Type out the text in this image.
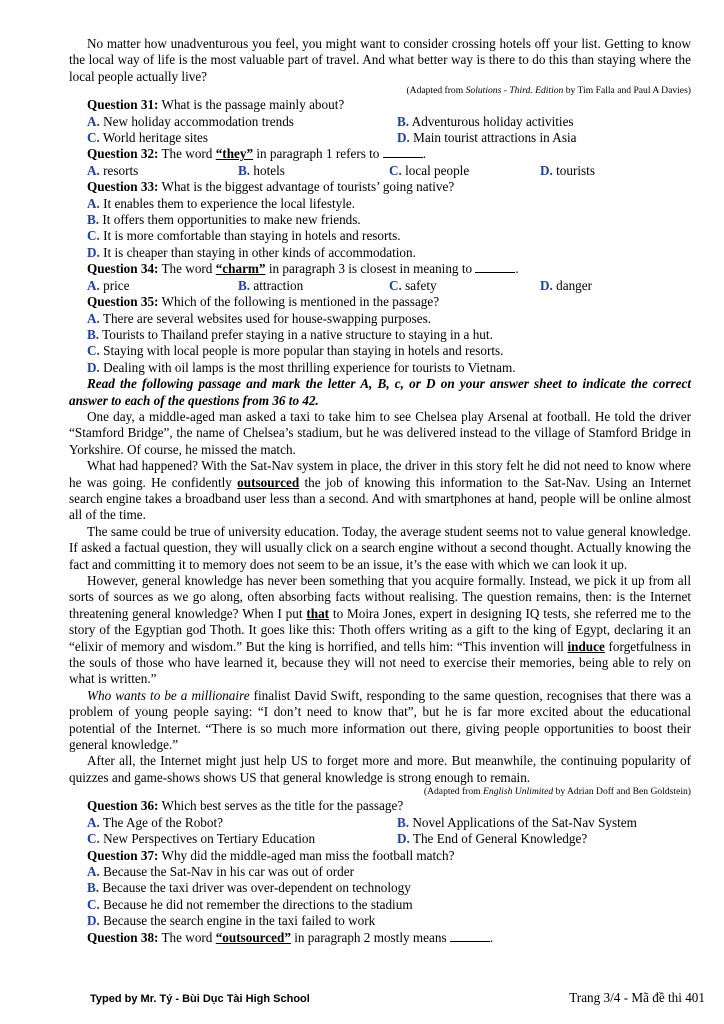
No matter how unadventurous you feel, you might want to consider crossing hotels off your list. Getting to know the local way of life is the most valuable part of travel. And what better way is there to do this than staying where the local people actually live?

(Adapted from Solutions - Third. Edition by Tim Falla and Paul A Davies)

Question 31: What is the passage mainly about?

A. New holiday accommodation trends	B. Adventurous holiday activities
C. World heritage sites	D. Main tourist attractions in Asia

Question 32: The word “they” in paragraph 1 refers to	.

A. resorts	B. hotels	C. local people	D. tourists

Question 33: What is the biggest advantage of tourists’ going native?

A. It enables them to experience the local lifestyle.
B. It offers them opportunities to make new friends.
C. It is more comfortable than staying in hotels and resorts.
D. It is cheaper than staying in other kinds of accommodation.

Question 34: The word “charm” in paragraph 3 is closest in meaning to	.

A. price	B. attraction	C. safety	D. danger

Question 35: Which of the following is mentioned in the passage?

A. There are several websites used for house-swapping purposes.
B. Tourists to Thailand prefer staying in a native structure to staying in a hut.
C. Staying with local people is more popular than staying in hotels and resorts.
D. Dealing with oil lamps is the most thrilling experience for tourists to Vietnam.

Read the following passage and mark the letter A, B, c, or D on your answer sheet to indicate the correct answer to each of the questions from 36 to 42.

One day, a middle-aged man asked a taxi to take him to see Chelsea play Arsenal at football. He told the driver “Stamford Bridge”, the name of Chelsea’s stadium, but he was delivered instead to the village of Stamford Bridge in Yorkshire. Of course, he missed the match.

What had happened? With the Sat-Nav system in place, the driver in this story felt he did not need to know where he was going. He confidently outsourced the job of knowing this information to the Sat-Nav. Using an Internet search engine takes a broadband user less than a second. And with smartphones at hand, people will be online almost all of the time.

The same could be true of university education. Today, the average student seems not to value general knowledge. If asked a factual question, they will usually click on a search engine without a second thought. Actually knowing the fact and committing it to memory does not seem to be an issue, it’s the ease with which we can look it up.

However, general knowledge has never been something that you acquire formally. Instead, we pick it up from all sorts of sources as we go along, often absorbing facts without realising. The question remains, then: is the Internet threatening general knowledge? When I put that to Moira Jones, expert in designing IQ tests, she referred me to the story of the Egyptian god Thoth. It goes like this: Thoth offers writing as a gift to the king of Egypt, declaring it an “elixir of memory and wisdom.” But the king is horrified, and tells him: “This invention will induce forgetfulness in the souls of those who have learned it, because they will not need to exercise their memories, being able to rely on what is written.”

Who wants to be a millionaire finalist David Swift, responding to the same question, recognises that there was a problem of young people saying: “I don’t need to know that”, but he is far more excited about the educational potential of the Internet. “There is so much more information out there, giving people opportunities to boost their general knowledge.”

After all, the Internet might just help US to forget more and more. But meanwhile, the continuing popularity of quizzes and game-shows shows US that general knowledge is strong enough to remain.

(Adapted from English Unlimited by Adrian Doff and Ben Goldstein)

Question 36: Which best serves as the title for the passage?

A. The Age of the Robot?	B. Novel Applications of the Sat-Nav System
C. New Perspectives on Tertiary Education	D. The End of General Knowledge?

Question 37: Why did the middle-aged man miss the football match?

A. Because the Sat-Nav in his car was out of order
B. Because the taxi driver was over-dependent on technology
C. Because he did not remember the directions to the stadium
D. Because the search engine in the taxi failed to work

Question 38: The word “outsourced” in paragraph 2 mostly means	.

Typed by Mr. Tý - Bùi Dục Tài High School	Trang 3/4 - Mã đề thi 401
